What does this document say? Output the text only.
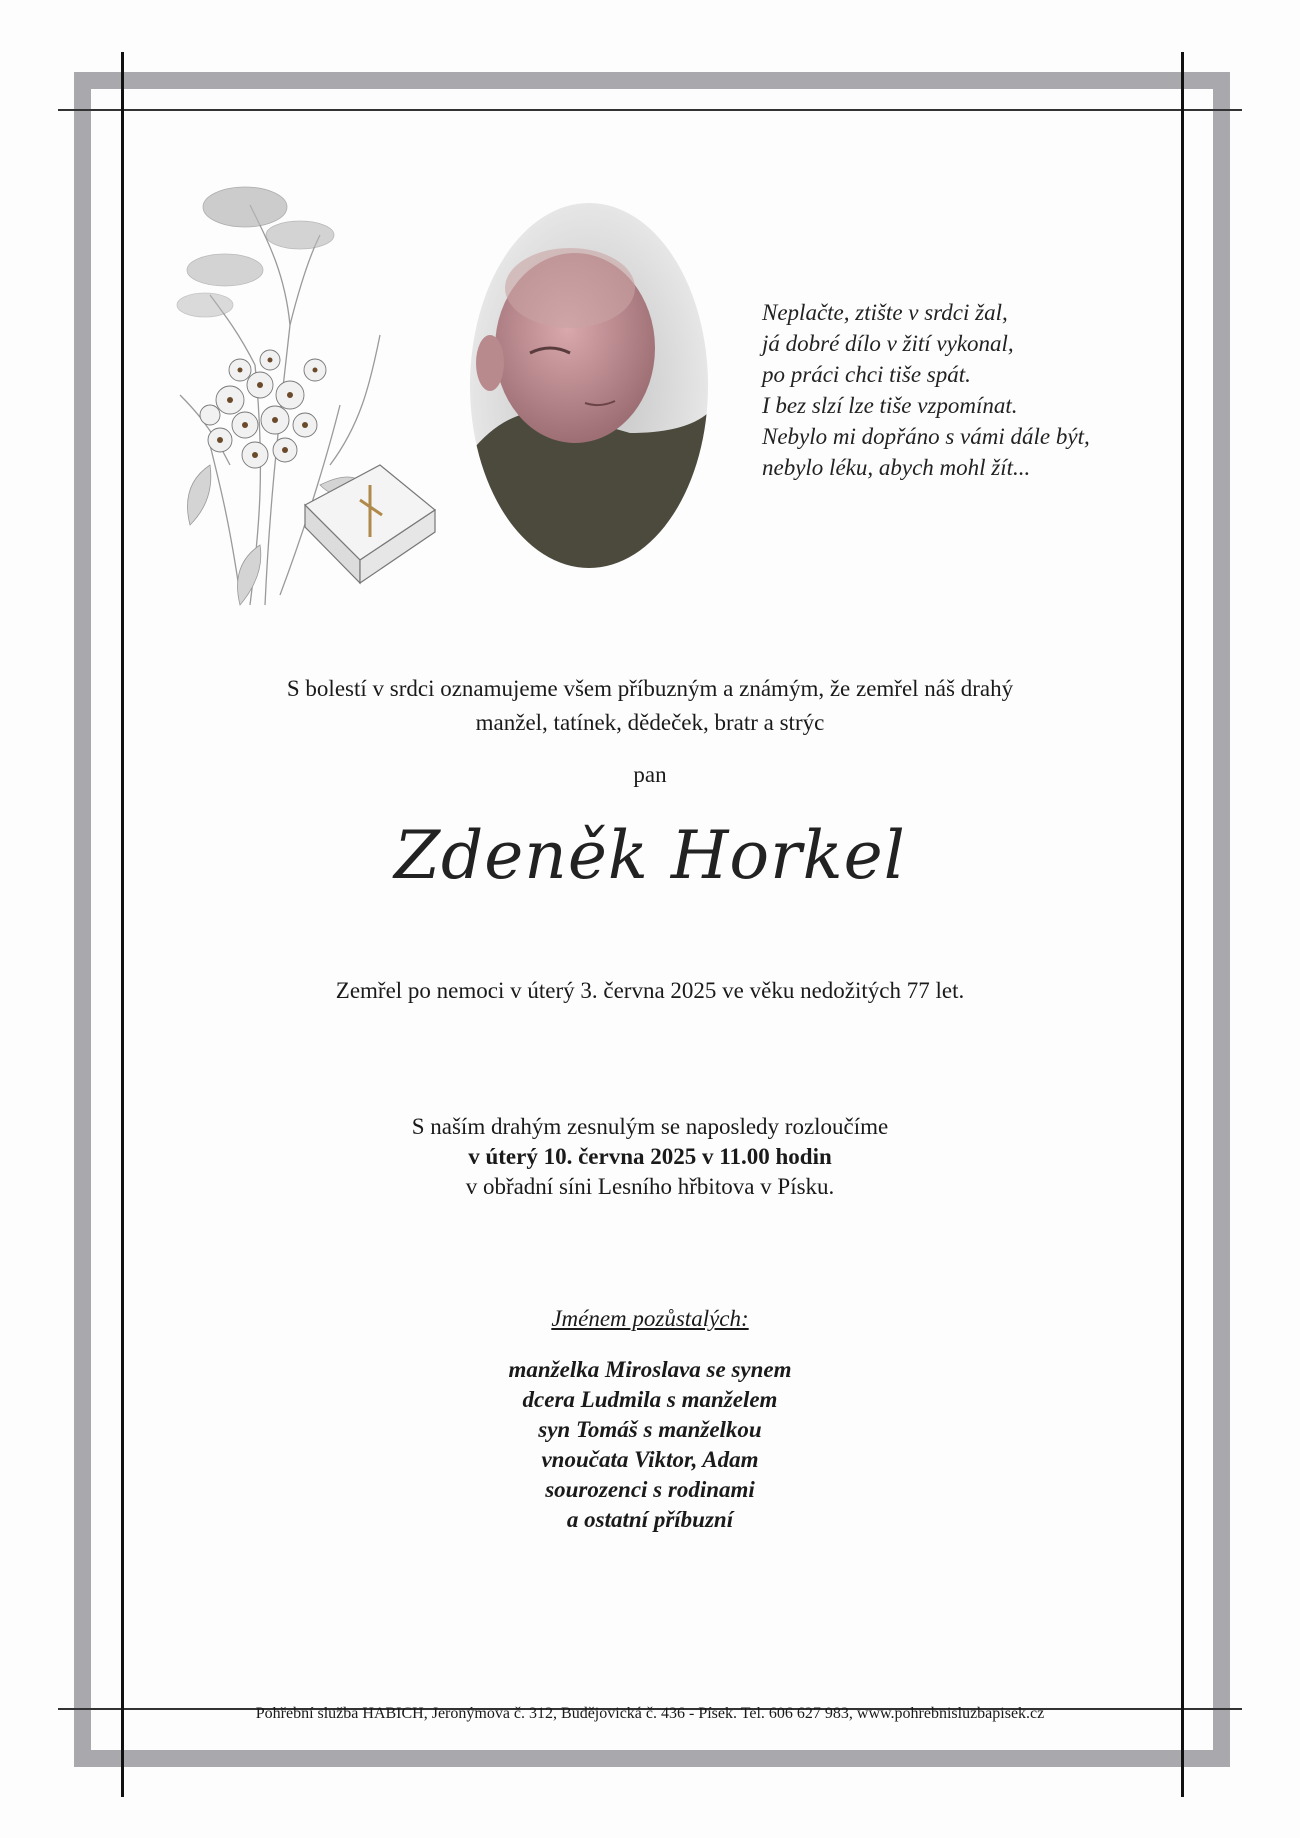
Neplačte, ztište v srdci žal,
já dobré dílo v žití vykonal,
po práci chci tiše spát.
I bez slzí lze tiše vzpomínat.
Nebylo mi dopřáno s vámi dále být,
nebylo léku, abych mohl žít...
S bolestí v srdci oznamujeme všem příbuzným a známým, že zemřel náš drahý
manžel, tatínek, dědeček, bratr a strýc
pan
Zdeněk Horkel
Zemřel po nemoci v úterý 3. června 2025 ve věku nedožitých 77 let.
S naším drahým zesnulým se naposledy rozloučíme
v úterý 10. června 2025 v 11.00 hodin
v obřadní síni Lesního hřbitova v Písku.
Jménem pozůstalých:
manželka Miroslava se synem
dcera Ludmila s manželem
syn Tomáš s manželkou
vnoučata Viktor, Adam
sourozenci s rodinami
a ostatní příbuzní
Pohřební služba HABICH, Jeronýmova č. 312, Budějovická č. 436 - Písek. Tel. 606 627 983, www.pohrebnisluzbapisek.cz
